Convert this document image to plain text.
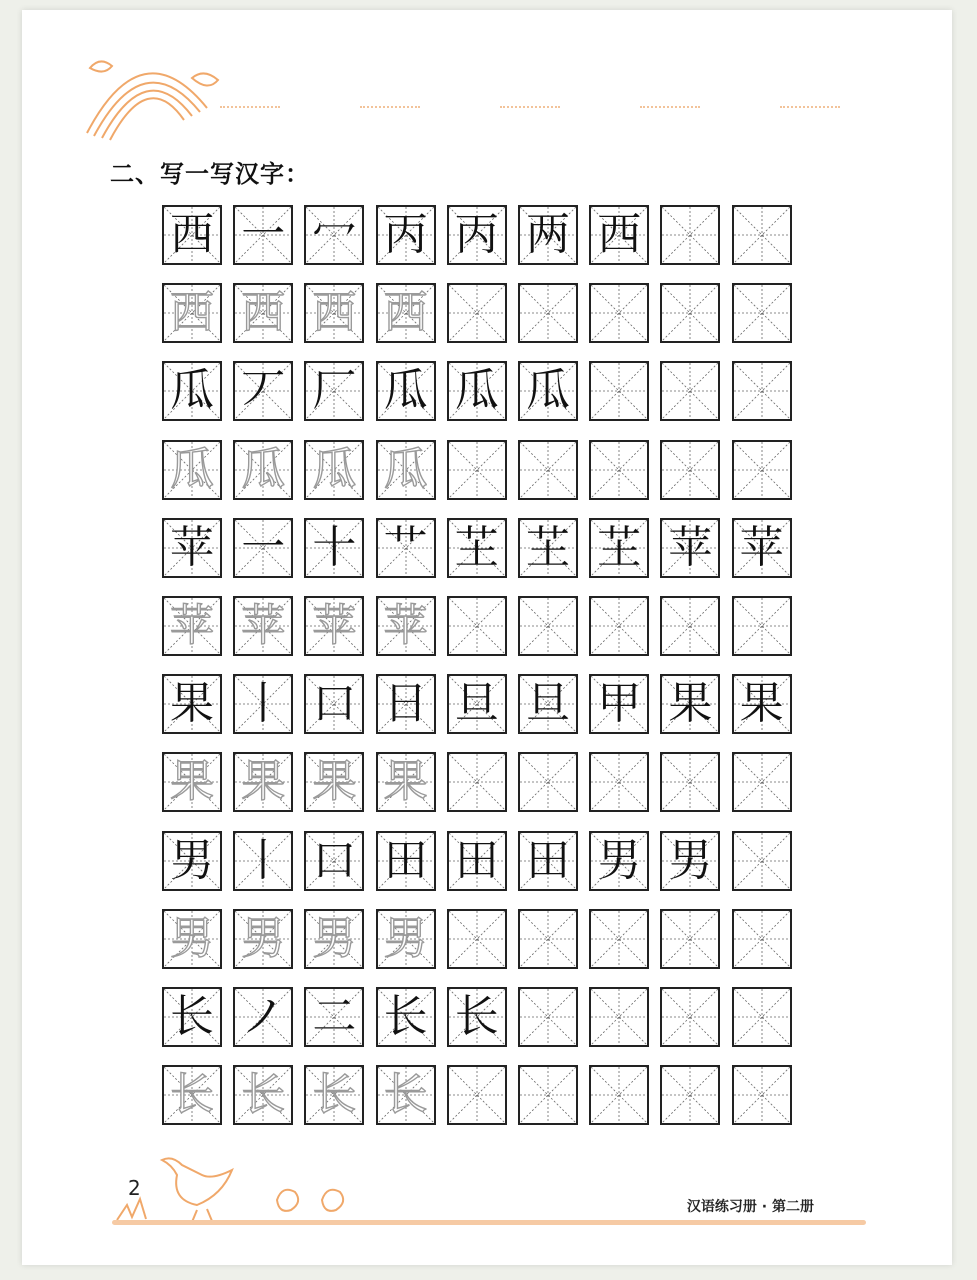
二、写一写汉字：
西 一 冖 丙 丙 两 西
西 西 西 西
瓜 丆 厂 瓜 瓜 瓜
瓜 瓜 瓜 瓜
苹 一 十 艹 芏 芏 芏 苹 苹
苹 苹 苹 苹
果 丨 口 日 旦 旦 甲 果 果
果 果 果 果
男 丨 口 田 田 田 男 男
男 男 男 男
长 ノ 二 长 长
长 长 长 长
2
汉语练习册 · 第二册
